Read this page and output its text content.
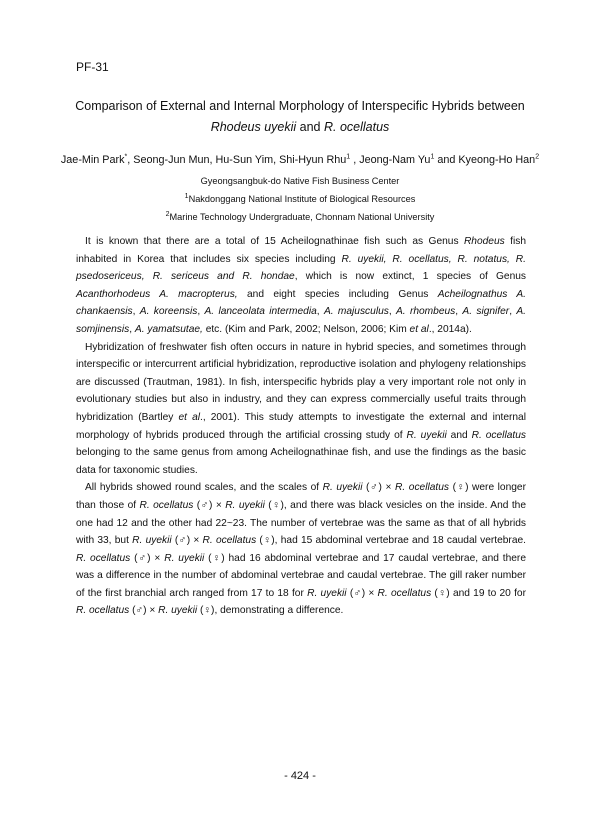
PF-31
Comparison of External and Internal Morphology of Interspecific Hybrids between
Rhodeus uyekii and R. ocellatus
Jae-Min Park*, Seong-Jun Mun, Hu-Sun Yim, Shi-Hyun Rhu$^1$ , Jeong-Nam Yu$^1$ and Kyeong-Ho Han$^2$
Gyeongsangbuk-do Native Fish Business Center
$^1$Nakdonggang National Institute of Biological Resources
$^2$Marine Technology Undergraduate, Chonnam National University

It is known that there are a total of 15 Acheilognathinae fish such as Genus Rhodeus fish inhabited in Korea that includes six species including R. uyekii, R. ocellatus, R. notatus, R. psedosericeus, R. sericeus and R. hondae, which is now extinct, 1 species of Genus Acanthorhodeus A. macropterus, and eight species including Genus Acheilognathus A. chankaensis, A. koreensis, A. lanceolata intermedia, A. majusculus, A. rhombeus, A. signifer, A. somjinensis, A. yamatsutae, etc. (Kim and Park, 2002; Nelson, 2006; Kim et al., 2014a).

Hybridization of freshwater fish often occurs in nature in hybrid species, and sometimes through interspecific or intercurrent artificial hybridization, reproductive isolation and phylogeny relationships are discussed (Trautman, 1981). In fish, interspecific hybrids play a very important role not only in evolutionary studies but also in industry, and they can express commercially useful traits through hybridization (Bartley et al., 2001). This study attempts to investigate the external and internal morphology of hybrids produced through the artificial crossing study of R. uyekii and R. ocellatus belonging to the same genus from among Acheilognathinae fish, and use the findings as the basic data for taxonomic studies.

All hybrids showed round scales, and the scales of R. uyekii (♂) × R. ocellatus (♀) were longer than those of R. ocellatus (♂) × R. uyekii (♀), and there was black vesicles on the inside. And the one had 12 and the other had 22~23. The number of vertebrae was the same as that of all hybrids with 33, but R. uyekii (♂) × R. ocellatus (♀), had 15 abdominal vertebrae and 18 caudal vertebrae. R. ocellatus (♂) × R. uyekii (♀) had 16 abdominal vertebrae and 17 caudal vertebrae, and there was a difference in the number of abdominal vertebrae and caudal vertebrae. The gill raker number of the first branchial arch ranged from 17 to 18 for R. uyekii (♂) × R. ocellatus (♀) and 19 to 20 for R. ocellatus (♂) × R. uyekii (♀), demonstrating a difference.

- 424 -
